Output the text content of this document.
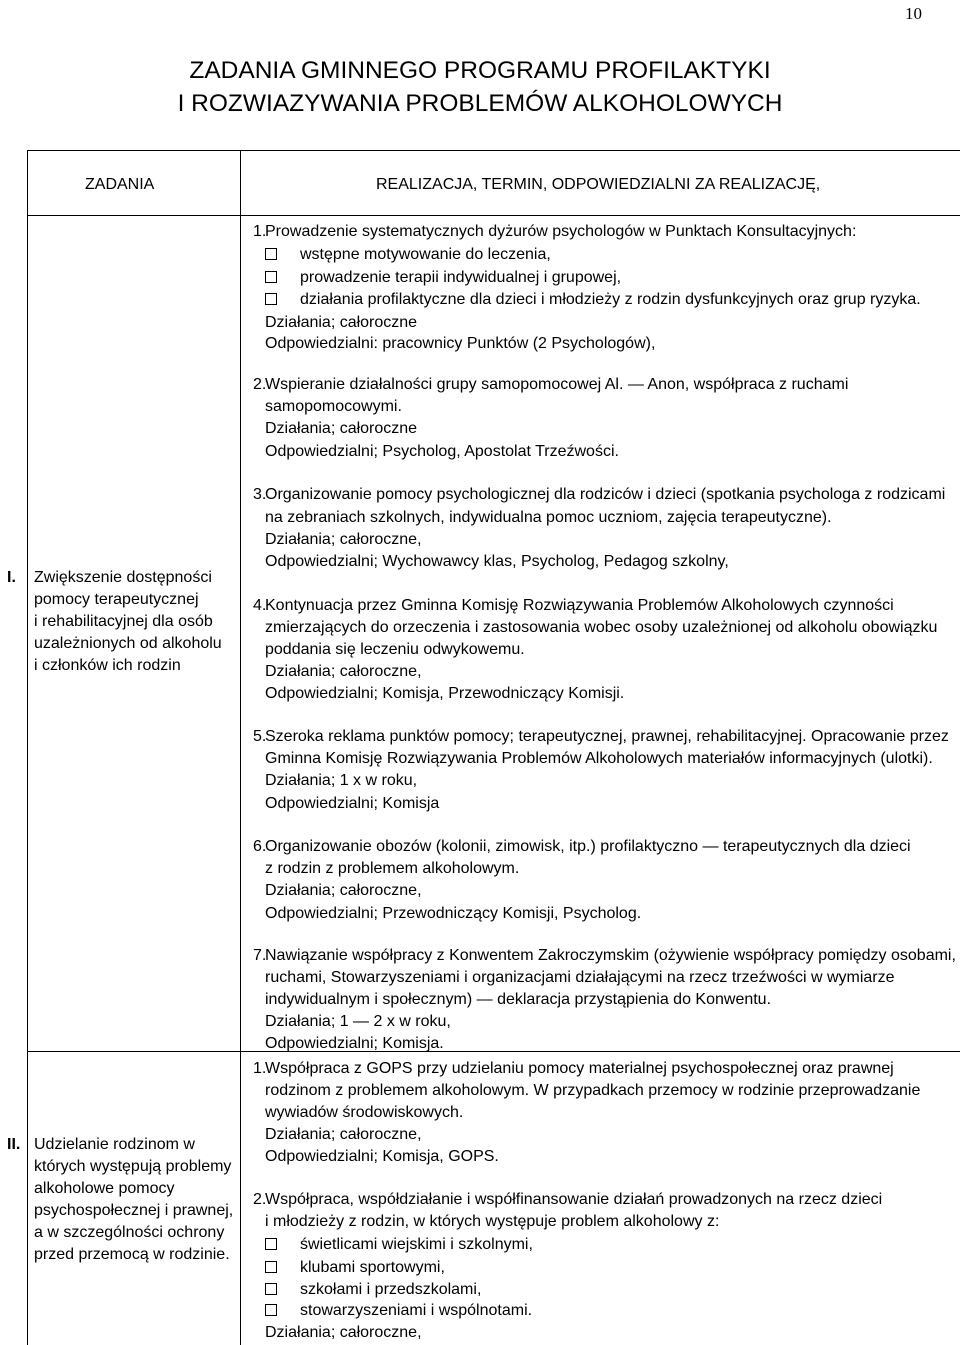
10
ZADANIA GMINNEGO PROGRAMU PROFILAKTYKI
I ROZWIAZYWANIA PROBLEMÓW ALKOHOLOWYCH
ZADANIA	REALIZACJA, TERMIN, ODPOWIEDZIALNI ZA REALIZACJĘ,
I. Zwiększenie dostępności
pomocy terapeutycznej
i rehabilitacyjnej dla osób
uzależnionych od alkoholu
i członków ich rodzin
II. Udzielanie rodzinom w
których występują problemy
alkoholowe pomocy
psychospołecznej i prawnej,
a w szczególności ochrony
przed przemocą w rodzinie.
1.
Prowadzenie systematycznych dyżurów psychologów w Punktach Konsultacyjnych:
wstępne motywowanie do leczenia,
prowadzenie terapii indywidualnej i grupowej,
działania profilaktyczne dla dzieci i młodzieży z rodzin dysfunkcyjnych oraz grup ryzyka.
Działania; całoroczne
Odpowiedzialni: pracownicy Punktów (2 Psychologów),
2.
Wspieranie działalności grupy samopomocowej Al. — Anon, współpraca z ruchami
samopomocowymi.
Działania; całoroczne
Odpowiedzialni; Psycholog, Apostolat Trzeźwości.
3.
Organizowanie pomocy psychologicznej dla rodziców i dzieci (spotkania psychologa z rodzicami
na zebraniach szkolnych, indywidualna pomoc uczniom, zajęcia terapeutyczne).
Działania; całoroczne,
Odpowiedzialni; Wychowawcy klas, Psycholog, Pedagog szkolny,
4.
Kontynuacja przez Gminna Komisję Rozwiązywania Problemów Alkoholowych czynności
zmierzających do orzeczenia i zastosowania wobec osoby uzależnionej od alkoholu obowiązku
poddania się leczeniu odwykowemu.
Działania; całoroczne,
Odpowiedzialni; Komisja, Przewodniczący Komisji.
5.
Szeroka reklama punktów pomocy; terapeutycznej, prawnej, rehabilitacyjnej. Opracowanie przez
Gminna Komisję Rozwiązywania Problemów Alkoholowych materiałów informacyjnych (ulotki).
Działania; 1 x w roku,
Odpowiedzialni; Komisja
6.
Organizowanie obozów (kolonii, zimowisk, itp.) profilaktyczno — terapeutycznych dla dzieci
z rodzin z problemem alkoholowym.
Działania; całoroczne,
Odpowiedzialni; Przewodniczący Komisji, Psycholog.
7.
Nawiązanie współpracy z Konwentem Zakroczymskim (ożywienie współpracy pomiędzy osobami,
ruchami, Stowarzyszeniami i organizacjami działającymi na rzecz trzeźwości w wymiarze
indywidualnym i społecznym) — deklaracja przystąpienia do Konwentu.
Działania; 1 — 2 x w roku,
Odpowiedzialni; Komisja.
1.
Współpraca z GOPS przy udzielaniu pomocy materialnej psychospołecznej oraz prawnej
rodzinom z problemem alkoholowym. W przypadkach przemocy w rodzinie przeprowadzanie
wywiadów środowiskowych.
Działania; całoroczne,
Odpowiedzialni; Komisja, GOPS.
2.
Współpraca, współdziałanie i współfinansowanie działań prowadzonych na rzecz dzieci
i młodzieży z rodzin, w których występuje problem alkoholowy z:
świetlicami wiejskimi i szkolnymi,
klubami sportowymi,
szkołami i przedszkolami,
stowarzyszeniami i wspólnotami.
Działania; całoroczne,
